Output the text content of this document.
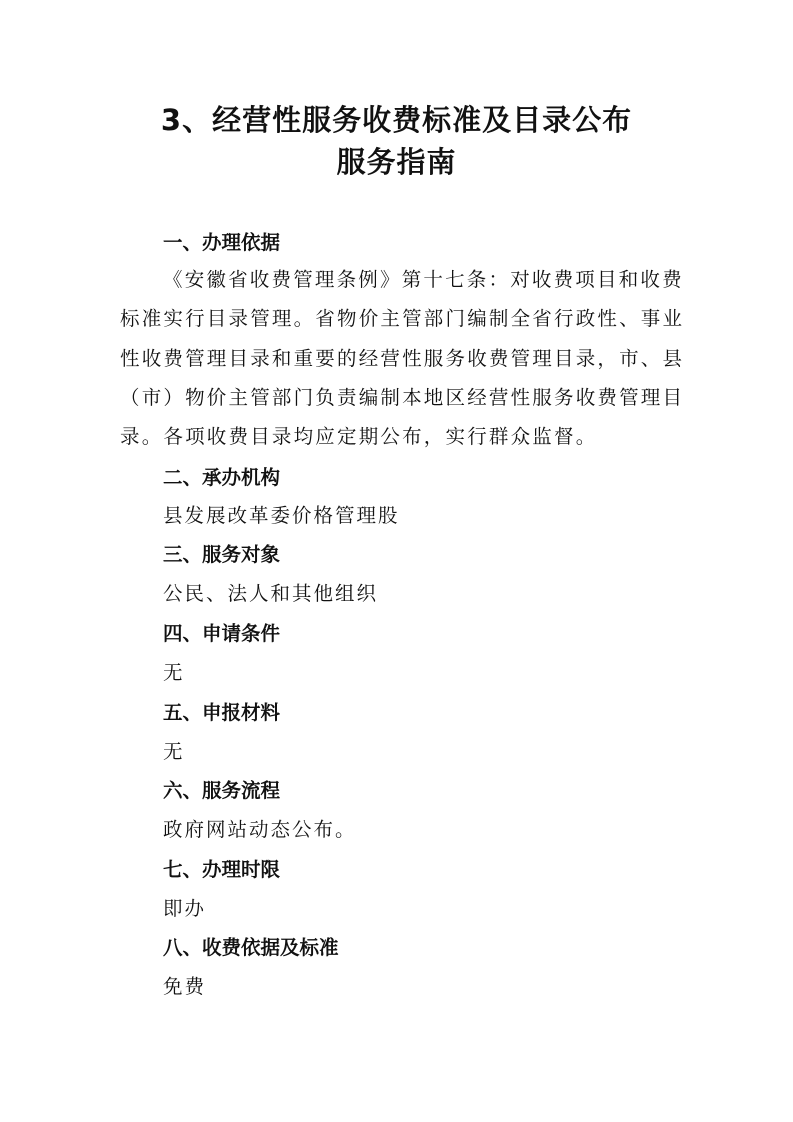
3、经营性服务收费标准及目录公布
服务指南
一、办理依据

《安徽省收费管理条例》第十七条：对收费项目和收费

标准实行目录管理。省物价主管部门编制全省行政性、事业

性收费管理目录和重要的经营性服务收费管理目录，市、县

（市）物价主管部门负责编制本地区经营性服务收费管理目

录。各项收费目录均应定期公布，实行群众监督。

二、承办机构

县发展改革委价格管理股

三、服务对象

公民、法人和其他组织

四、申请条件

无

五、申报材料

无

六、服务流程

政府网站动态公布。

七、办理时限

即办

八、收费依据及标准

免费
